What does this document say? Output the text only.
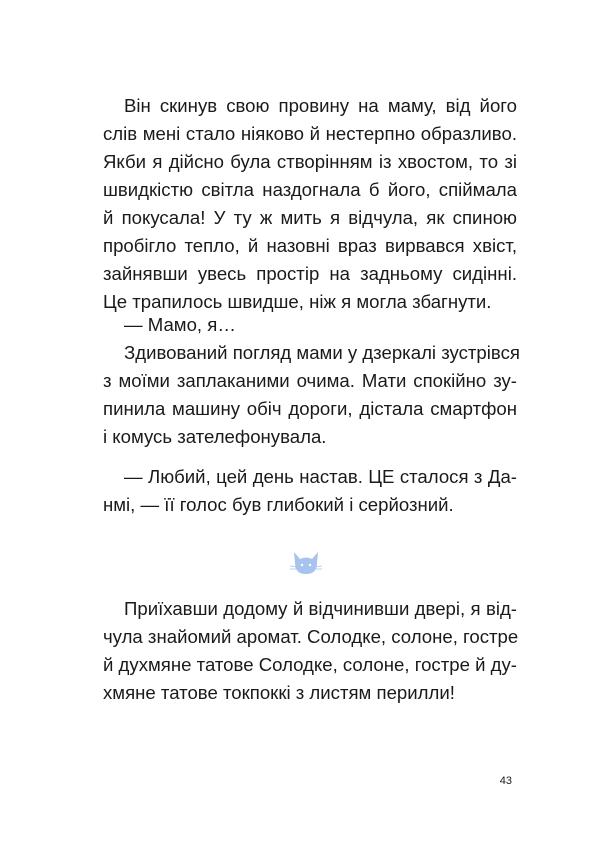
Він скинув свою провину на маму, від його
слів мені стало ніяково й нестерпно образливо.
Якби я дійсно була створінням із хвостом, то зі
швидкістю світла наздогнала б його, спіймала
й покусала! У ту ж мить я відчула, як спиною
пробігло тепло, й назовні враз вирвався хвіст,
зайнявши увесь простір на задньому сидінні.
Це трапилось швидше, ніж я могла збагнути.
— Мамо, я…
Здивований погляд мами у дзеркалі зустрівся
з моїми заплаканими очима. Мати спокійно зу-
пинила машину обіч дороги, дістала смартфон
і комусь зателефонувала.
— Любий, цей день настав. ЦЕ сталося з Да-
нмі, — її голос був глибокий і серйозний.
Приїхавши додому й відчинивши двері, я від-
чула знайомий аромат. Солодке, солоне, гостре
й духмяне татове Солодке, солоне, гостре й ду-
хмяне татове токпоккі з листям перилли!
43
